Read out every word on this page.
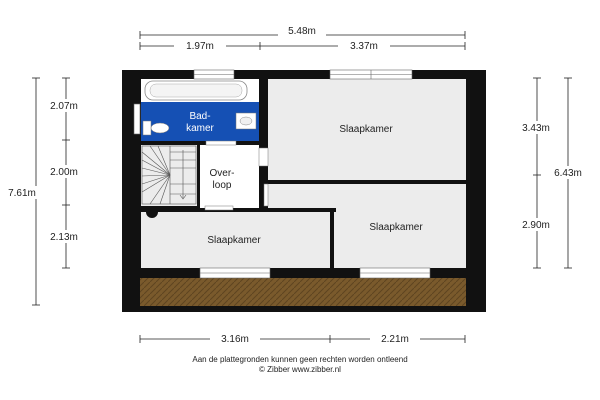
5.48m
1.97m	3.37m
2.07m
2.00m
2.13m
7.61m
3.43m
2.90m
6.43m
3.16m	2.21m
Bad-
kamer
Over-
loop
Slaapkamer
Slaapkamer
Slaapkamer
Aan de plattegronden kunnen geen rechten worden ontleend
© Zibber www.zibber.nl
